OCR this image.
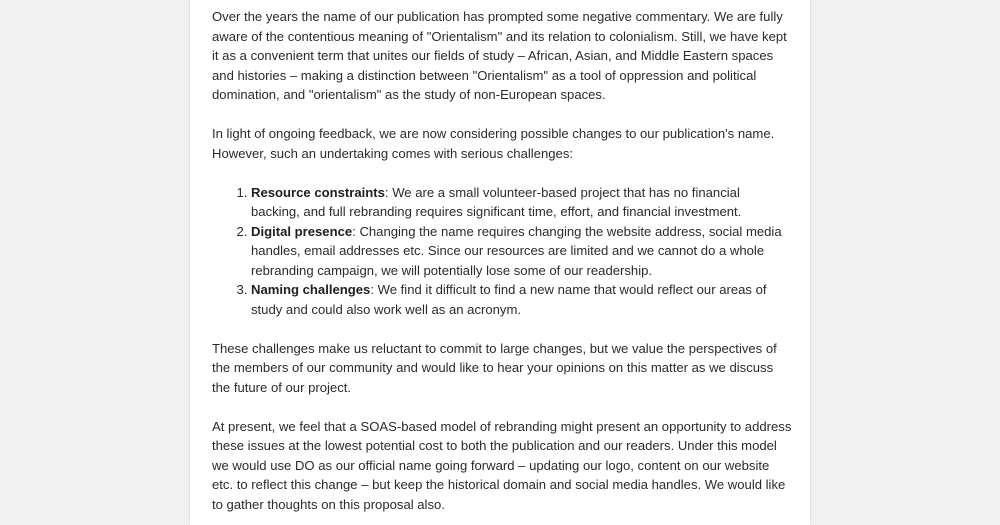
Over the years the name of our publication has prompted some negative commentary. We are fully aware of the contentious meaning of "Orientalism" and its relation to colonialism. Still, we have kept it as a convenient term that unites our fields of study – African, Asian, and Middle Eastern spaces and histories – making a distinction between "Orientalism" as a tool of oppression and political domination, and "orientalism" as the study of non-European spaces.

In light of ongoing feedback, we are now considering possible changes to our publication's name. However, such an undertaking comes with serious challenges:

1. Resource constraints: We are a small volunteer-based project that has no financial backing, and full rebranding requires significant time, effort, and financial investment.
2. Digital presence: Changing the name requires changing the website address, social media handles, email addresses etc. Since our resources are limited and we cannot do a whole rebranding campaign, we will potentially lose some of our readership.
3. Naming challenges: We find it difficult to find a new name that would reflect our areas of study and could also work well as an acronym.

These challenges make us reluctant to commit to large changes, but we value the perspectives of the members of our community and would like to hear your opinions on this matter as we discuss the future of our project.

At present, we feel that a SOAS-based model of rebranding might present an opportunity to address these issues at the lowest potential cost to both the publication and our readers. Under this model we would use DO as our official name going forward – updating our logo, content on our website etc. to reflect this change – but keep the historical domain and social media handles. We would like to gather thoughts on this proposal also.
